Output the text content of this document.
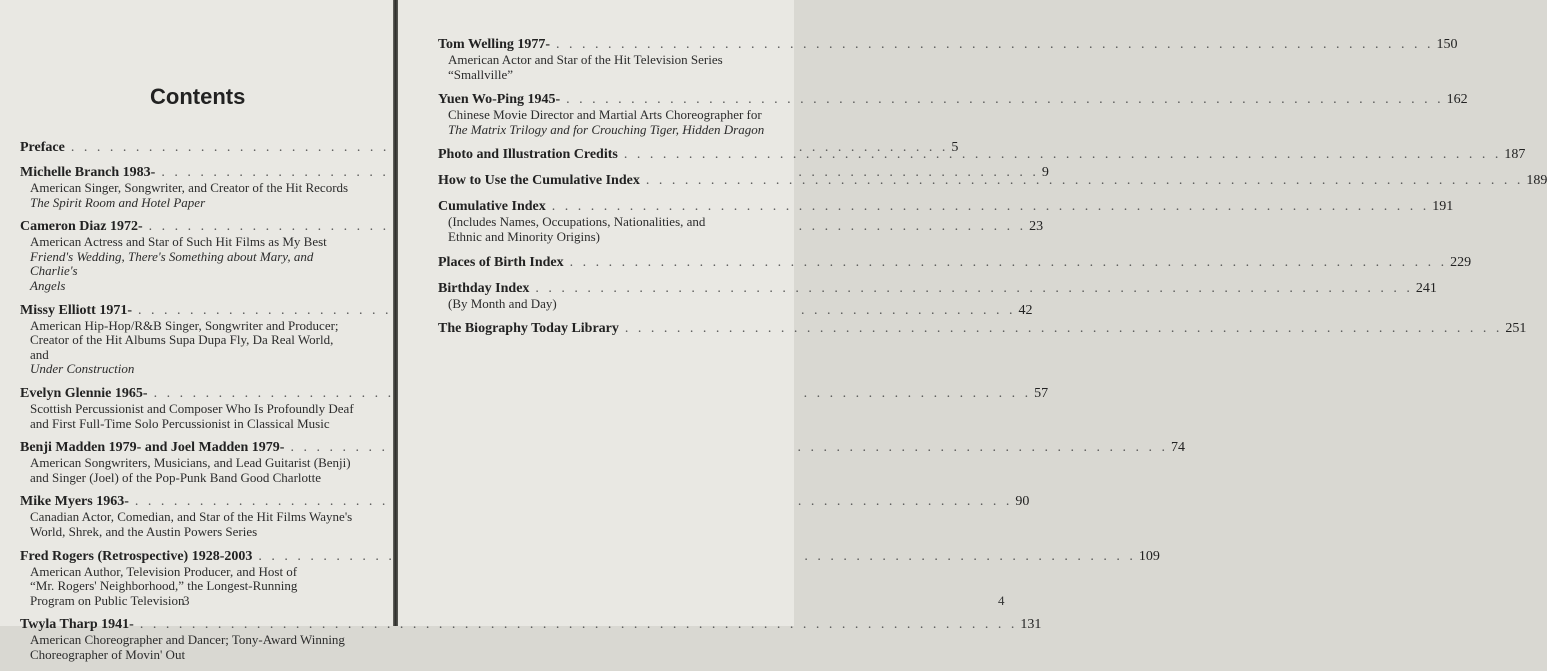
Contents
Preface . . .	5
Michelle Branch 1983- . . .	9

American Singer, Songwriter, and Creator of the Hit Records
The Spirit Room and Hotel Paper

Cameron Diaz 1972- . . .	23

American Actress and Star of Such Hit Films as My Best
Friend's Wedding, There's Something about Mary, and Charlie's
Angels

Missy Elliott 1971- . . .	42

American Hip-Hop/R&B Singer, Songwriter and Producer;
Creator of the Hit Albums Supa Dupa Fly, Da Real World, and
Under Construction

Evelyn Glennie 1965- . . .	57

Scottish Percussionist and Composer Who Is Profoundly Deaf
and First Full-Time Solo Percussionist in Classical Music

Benji Madden 1979- and Joel Madden 1979- . . .	74

American Songwriters, Musicians, and Lead Guitarist (Benji)
and Singer (Joel) of the Pop-Punk Band Good Charlotte

Mike Myers 1963- . . .	90

Canadian Actor, Comedian, and Star of the Hit Films Wayne's
World, Shrek, and the Austin Powers Series

Fred Rogers (Retrospective) 1928-2003 . . .	109

American Author, Television Producer, and Host of
“Mr. Rogers' Neighborhood,” the Longest-Running
Program on Public Television

Twyla Tharp 1941- . . .	131

American Choreographer and Dancer; Tony-Award Winning
Choreographer of Movin' Out

3
Tom Welling 1977- . . .	150

American Actor and Star of the Hit Television Series
“Smallville”

Yuen Wo-Ping 1945- . . .	162

Chinese Movie Director and Martial Arts Choreographer for
The Matrix Trilogy and for Crouching Tiger, Hidden Dragon

Photo and Illustration Credits . . .	187
How to Use the Cumulative Index . . .	189
Cumulative Index . . .	191

(Includes Names, Occupations, Nationalities, and
Ethnic and Minority Origins)

Places of Birth Index . . .	229
Birthday Index . . .	241

(By Month and Day)

The Biography Today Library . . .	251
4
